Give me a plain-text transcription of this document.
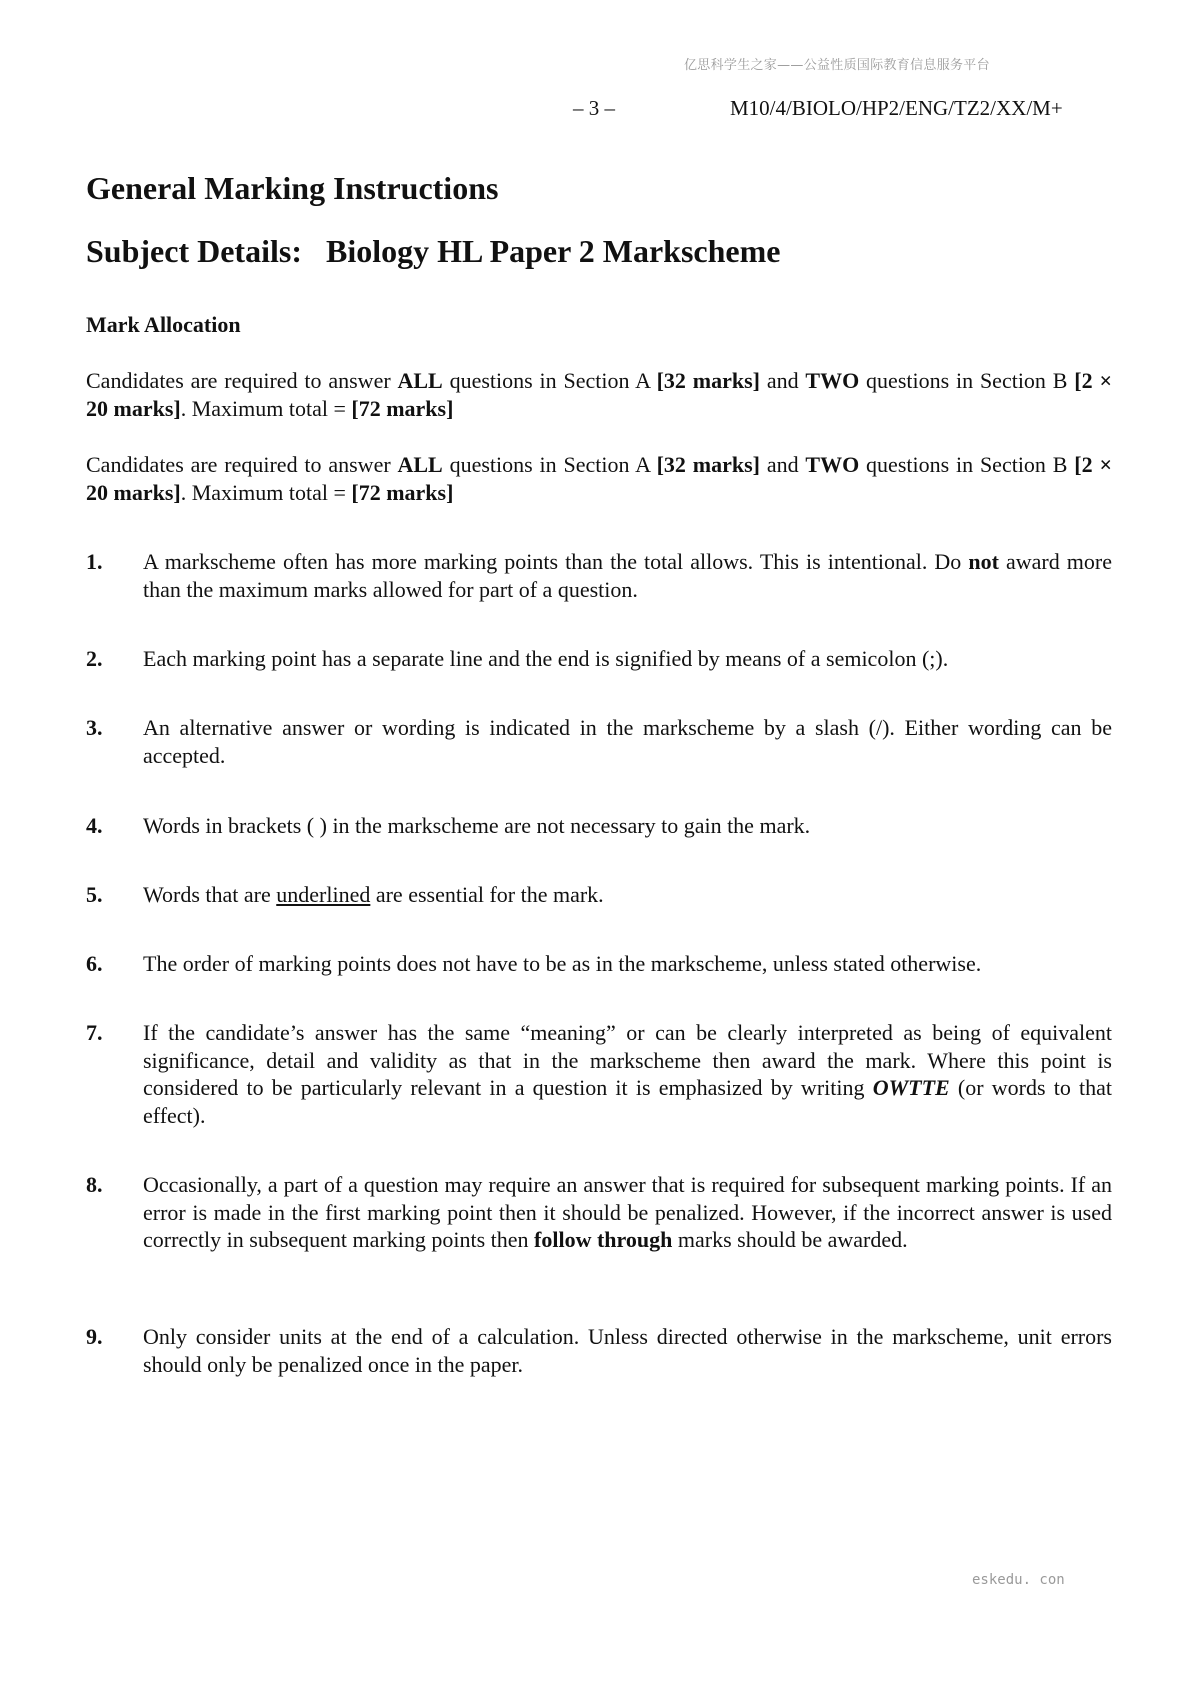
亿思科学生之家——公益性质国际教育信息服务平台
– 3 –	M10/4/BIOLO/HP2/ENG/TZ2/XX/M+
General Marking Instructions
Subject Details: Biology HL Paper 2 Markscheme
Mark Allocation

Candidates are required to answer ALL questions in Section A [32 marks] and TWO questions in Section B [2 × 20 marks]. Maximum total = [72 marks]

Candidates are required to answer ALL questions in Section A [32 marks] and TWO questions in Section B [2 × 20 marks]. Maximum total = [72 marks]

1. A markscheme often has more marking points than the total allows. This is intentional. Do not award more than the maximum marks allowed for part of a question.
2. Each marking point has a separate line and the end is signified by means of a semicolon (;).
3. An alternative answer or wording is indicated in the markscheme by a slash (/). Either wording can be accepted.
4. Words in brackets ( ) in the markscheme are not necessary to gain the mark.
5. Words that are underlined are essential for the mark.
6. The order of marking points does not have to be as in the markscheme, unless stated otherwise.
7. If the candidate’s answer has the same “meaning” or can be clearly interpreted as being of equivalent significance, detail and validity as that in the markscheme then award the mark. Where this point is considered to be particularly relevant in a question it is emphasized by writing OWTTE (or words to that effect).
8. Occasionally, a part of a question may require an answer that is required for subsequent marking points. If an error is made in the first marking point then it should be penalized. However, if the incorrect answer is used correctly in subsequent marking points then follow through marks should be awarded.
9. Only consider units at the end of a calculation. Unless directed otherwise in the markscheme, unit errors should only be penalized once in the paper.
eskedu. con
